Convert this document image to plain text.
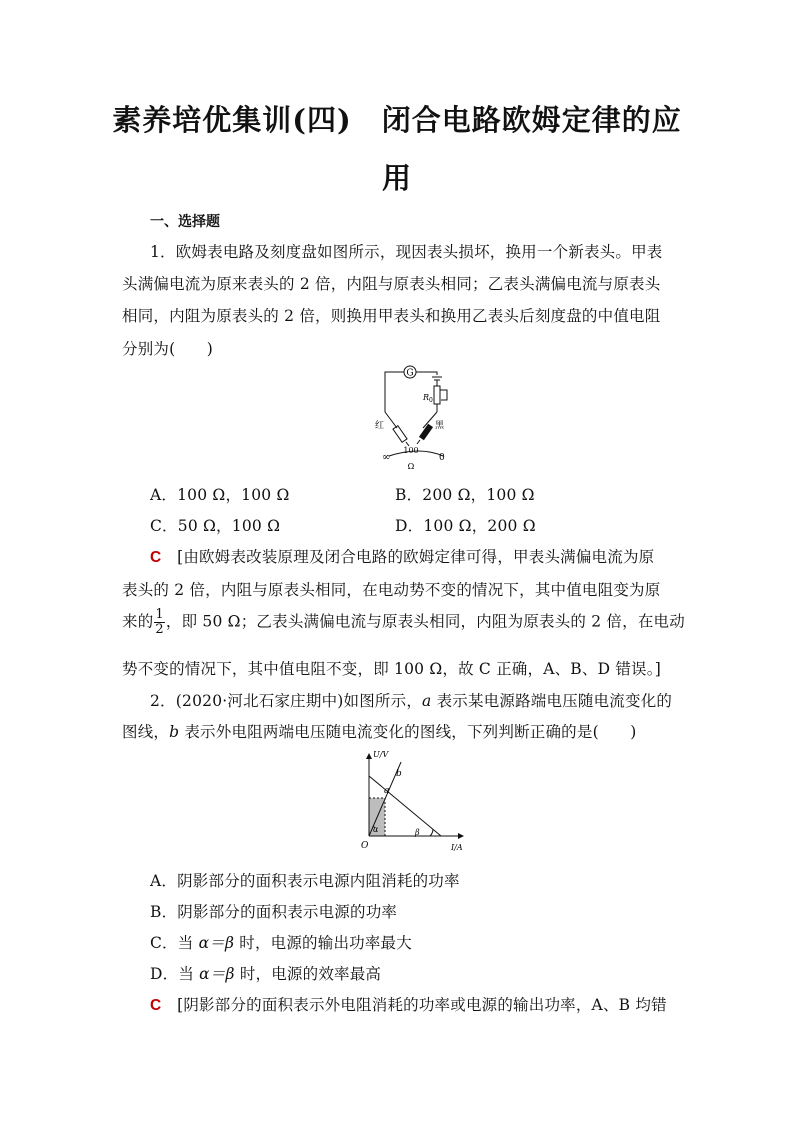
素养培优集训(四)　闭合电路欧姆定律的应
用
一、选择题
1．欧姆表电路及刻度盘如图所示，现因表头损坏，换用一个新表头。甲表
头满偏电流为原来表头的 2 倍，内阻与原表头相同；乙表头满偏电流与原表头
相同，内阻为原表头的 2 倍，则换用甲表头和换用乙表头后刻度盘的中值电阻
分别为(　　)
G
R 0
红	黑
∞
100
0
Ω
A．100 Ω，100 Ω	B．200 Ω，100 Ω
C．50 Ω，100 Ω	D．100 Ω，200 Ω
C　 [由欧姆表改装原理及闭合电路的欧姆定律可得，甲表头满偏电流为原
表头的 2 倍，内阻与原表头相同，在电动势不变的情况下，其中值电阻变为原
来的 $\frac{1}{2}$ ，即 50 Ω；乙表头满偏电流与原表头相同，内阻为原表头的 2 倍，在电动
势不变的情况下，其中值电阻不变，即 100 Ω，故 C 正确，A、B、D 错误。]
2．(2020·河北石家庄期中)如图所示，a 表示某电源路端电压随电流变化的
图线，b 表示外电阻两端电压随电流变化的图线，下列判断正确的是(　　)
U/V
I/A
O
b
a
α	β
A．阴影部分的面积表示电源内阻消耗的功率
B．阴影部分的面积表示电源的功率
C．当 α＝β 时，电源的输出功率最大
D．当 α＝β 时，电源的效率最高
C　 [阴影部分的面积表示外电阻消耗的功率或电源的输出功率，A、B 均错
